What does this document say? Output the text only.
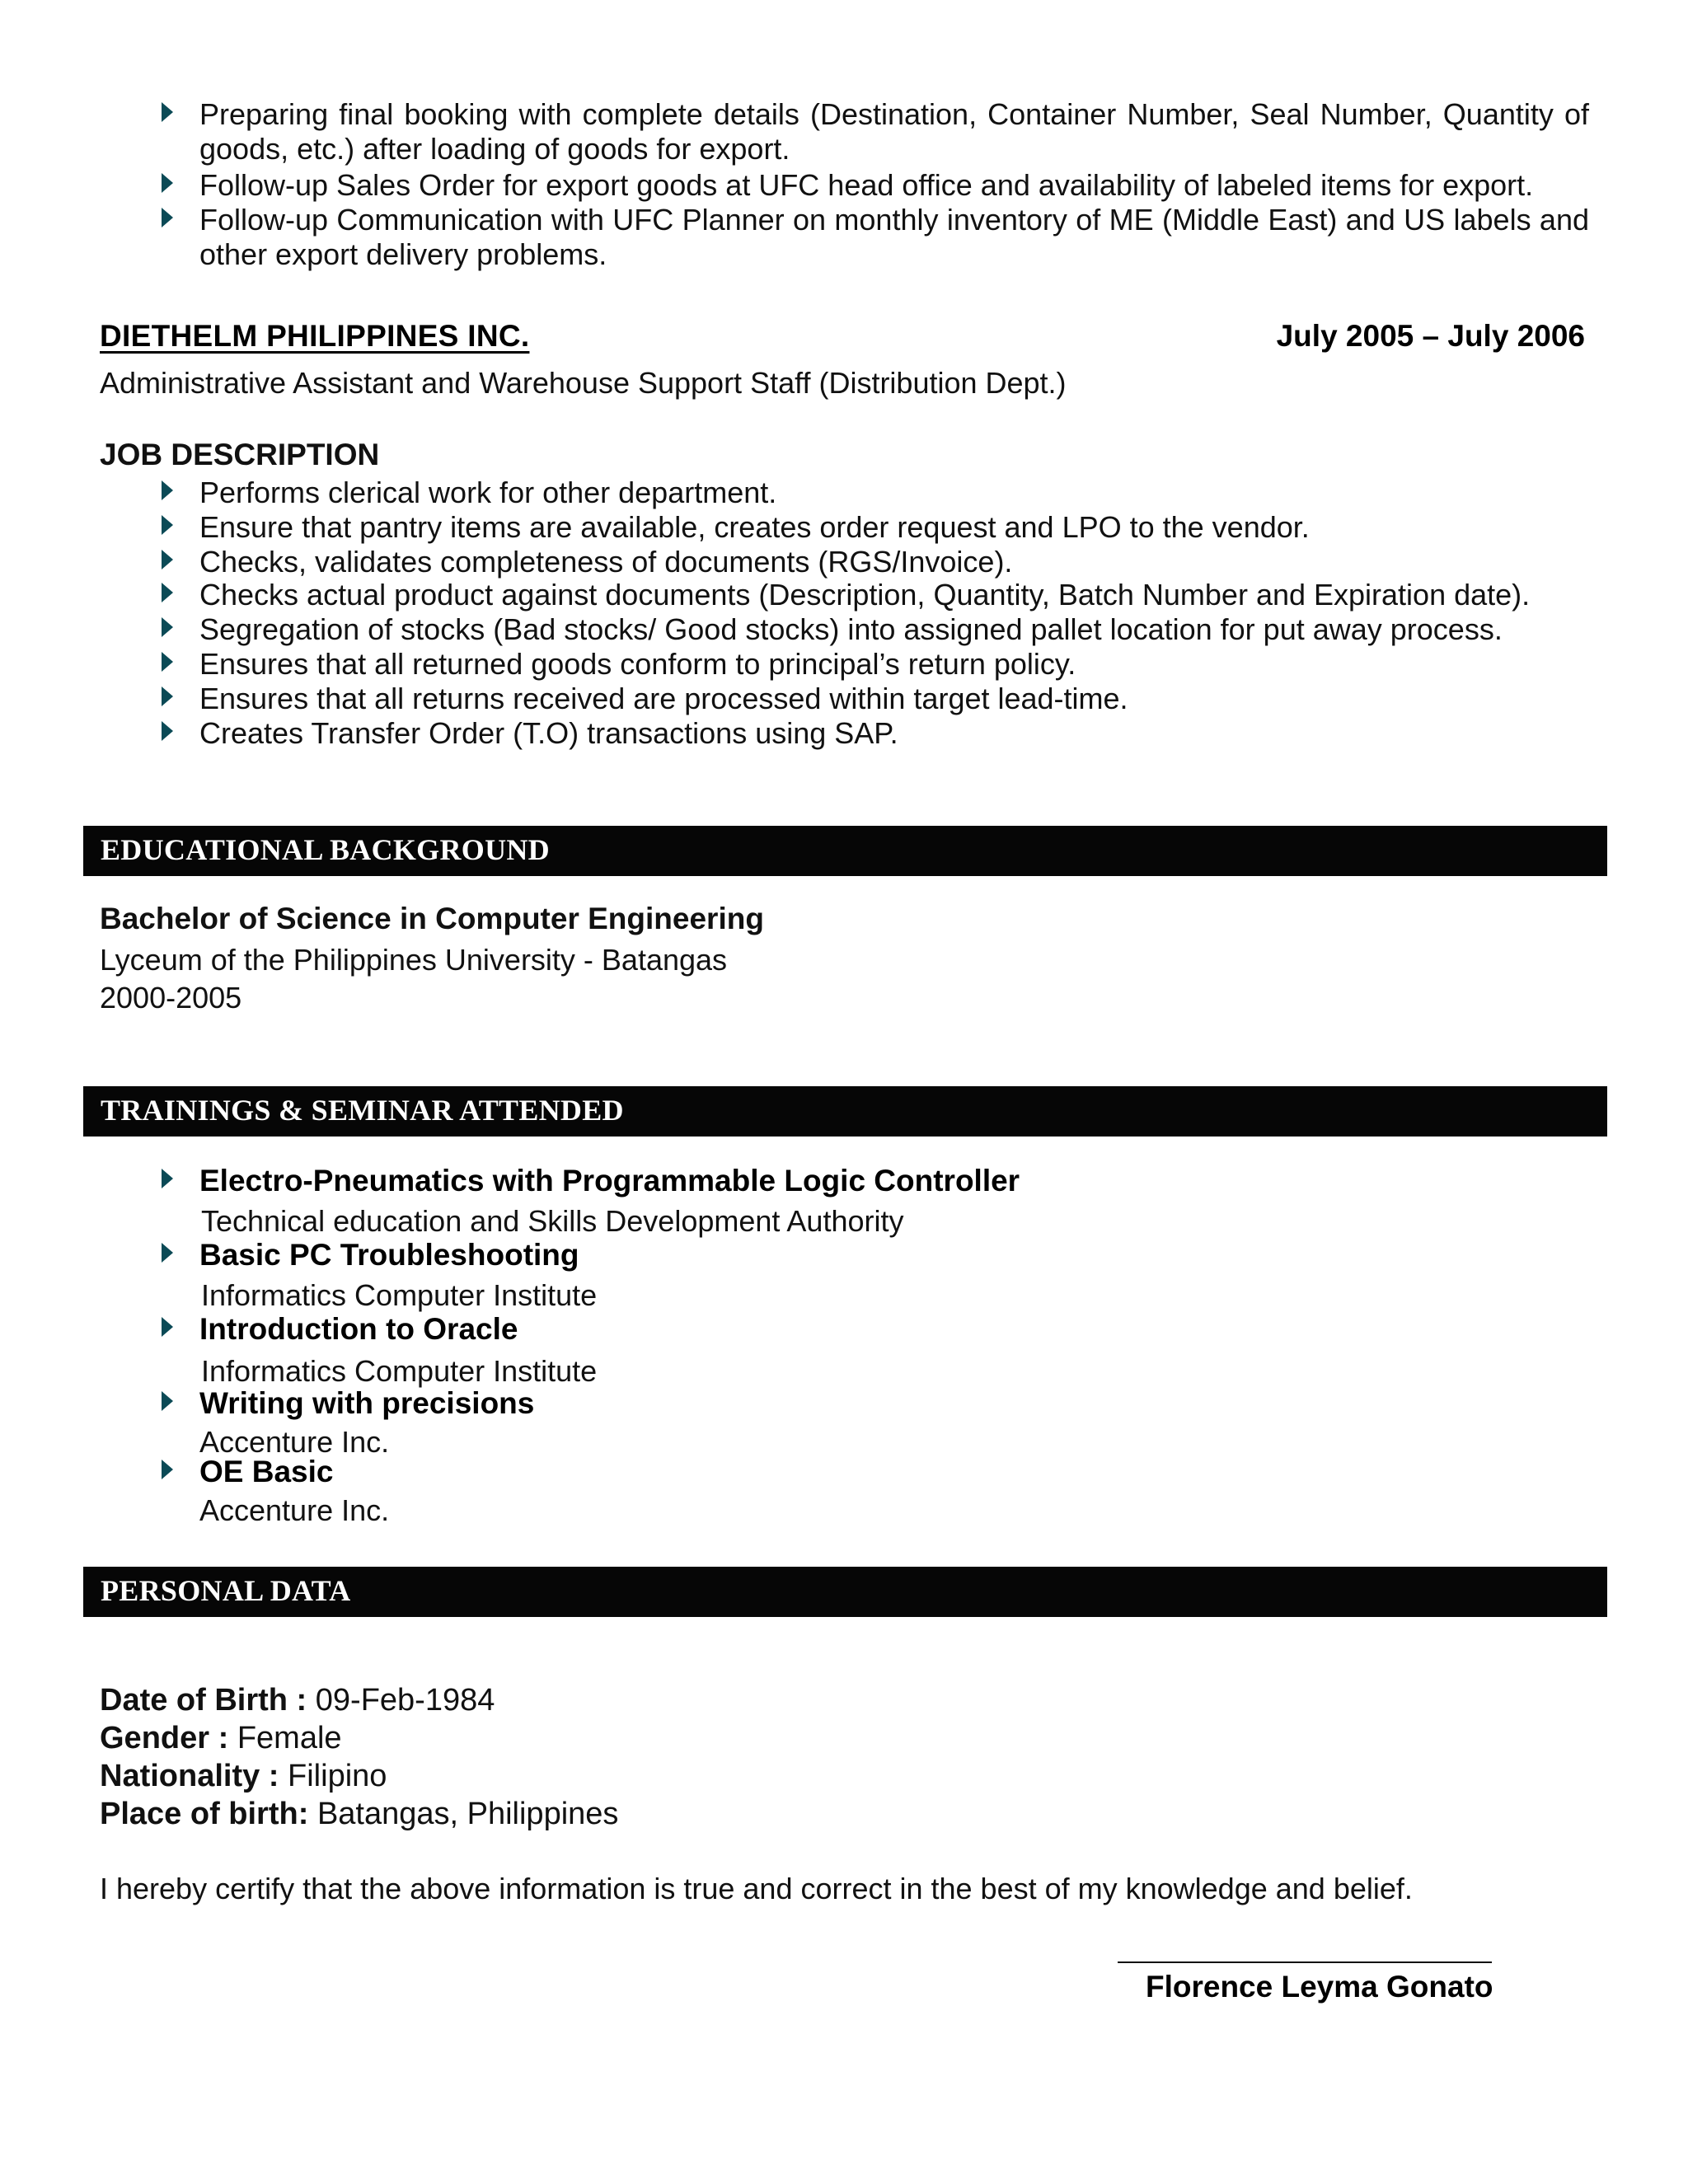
Preparing final booking with complete details (Destination, Container Number, Seal Number, Quantity of goods, etc.) after loading of goods for export.
Follow-up Sales Order for export goods at UFC head office and availability of labeled items for export.
Follow-up Communication with UFC Planner on monthly inventory of ME (Middle East) and US labels and other export delivery problems.
DIETHELM PHILIPPINES INC.	July 2005 – July 2006
Administrative Assistant and Warehouse Support Staff (Distribution Dept.)
JOB DESCRIPTION
Performs clerical work for other department.
Ensure that pantry items are available, creates order request and LPO to the vendor.
Checks, validates completeness of documents (RGS/Invoice).
Checks actual product against documents (Description, Quantity, Batch Number and Expiration date).
Segregation of stocks (Bad stocks/ Good stocks) into assigned pallet location for put away process.
Ensures that all returned goods conform to principal’s return policy.
Ensures that all returns received are processed within target lead-time.
Creates Transfer Order (T.O) transactions using SAP.
EDUCATIONAL BACKGROUND
Bachelor of Science in Computer Engineering
Lyceum of the Philippines University - Batangas
2000-2005
TRAININGS & SEMINAR ATTENDED
Electro-Pneumatics with Programmable Logic Controller
Technical education and Skills Development Authority
Basic PC Troubleshooting
Informatics Computer Institute
Introduction to Oracle
Informatics Computer Institute
Writing with precisions
Accenture Inc.
OE Basic
Accenture Inc.
PERSONAL DATA
Date of Birth : 09-Feb-1984
Gender : Female
Nationality : Filipino
Place of birth: Batangas, Philippines
I hereby certify that the above information is true and correct in the best of my knowledge and belief.
Florence Leyma Gonato
